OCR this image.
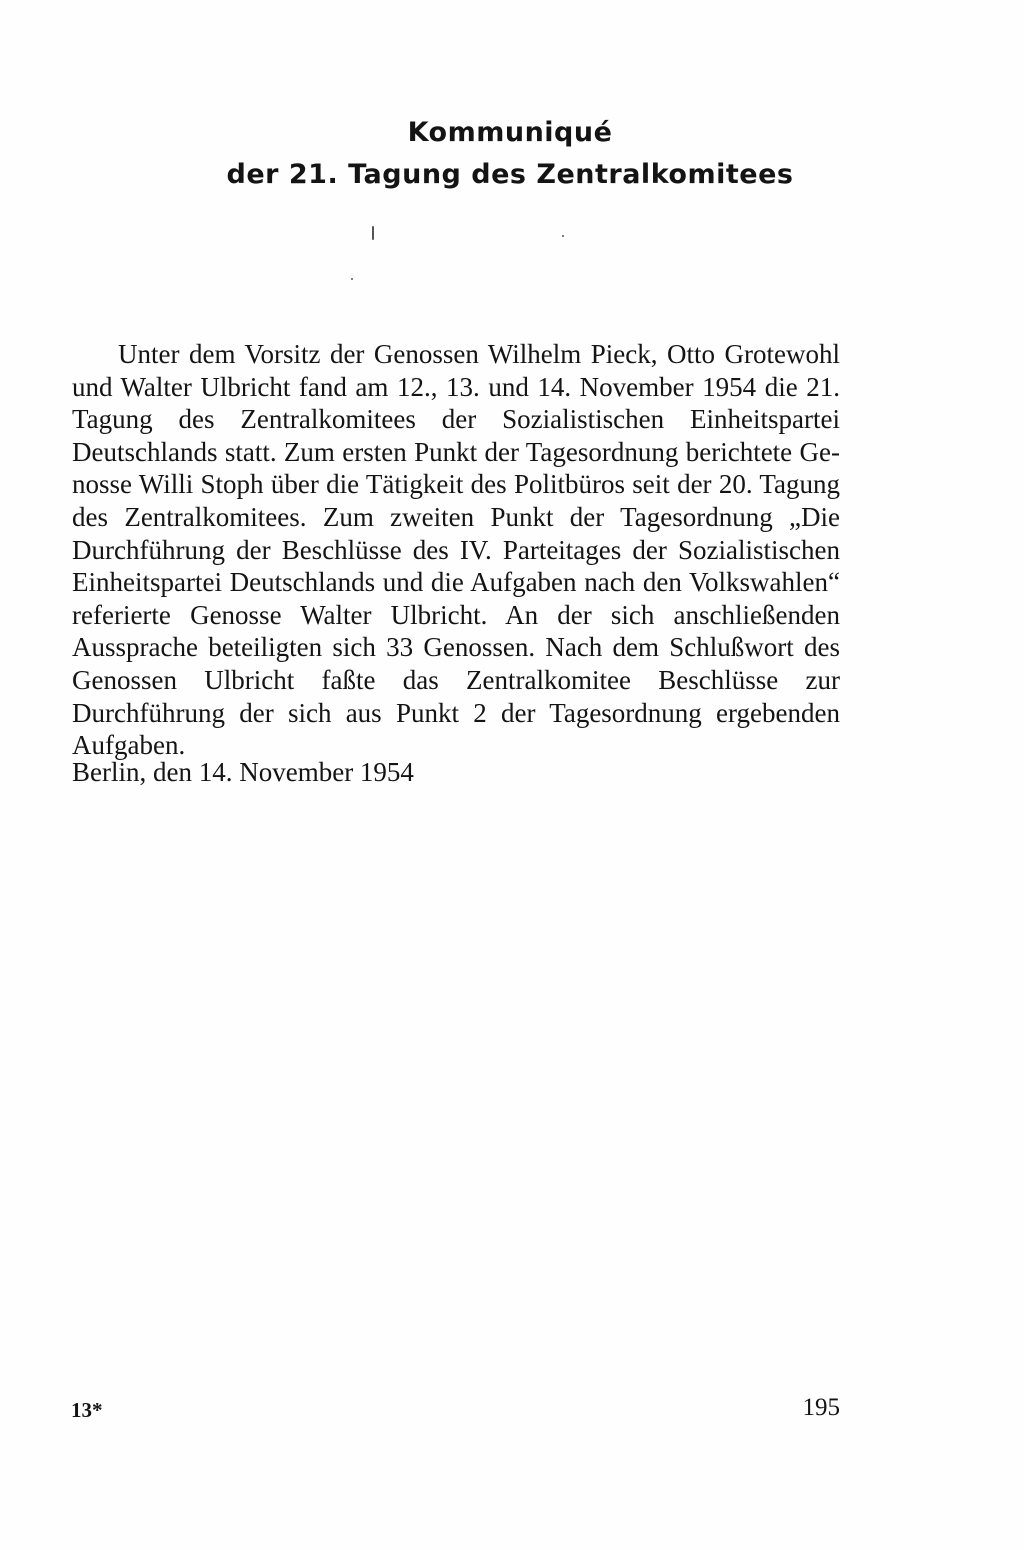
Kommuniqué
der 21. Tagung des Zentralkomitees

Unter dem Vorsitz der Genossen Wilhelm Pieck, Otto Grotewohl und Walter Ulbricht fand am 12., 13. und 14. November 1954 die 21. Tagung des Zentralkomitees der Sozialistischen Einheitspartei Deutschlands statt. Zum ersten Punkt der Tagesordnung berichtete Genosse Willi Stoph über die Tätigkeit des Politbüros seit der 20. Tagung des Zentralkomitees. Zum zweiten Punkt der Tagesordnung „Die Durchführung der Beschlüsse des IV. Parteitages der Sozialistischen Einheitspartei Deutschlands und die Aufgaben nach den Volkswahlen“ referierte Genosse Walter Ulbricht. An der sich anschließenden Aussprache beteiligten sich 33 Genossen. Nach dem Schlußwort des Genossen Ulbricht faßte das Zentralkomitee Beschlüsse zur Durchführung der sich aus Punkt 2 der Tagesordnung ergebenden Aufgaben.

Berlin, den 14. November 1954

13*	195
